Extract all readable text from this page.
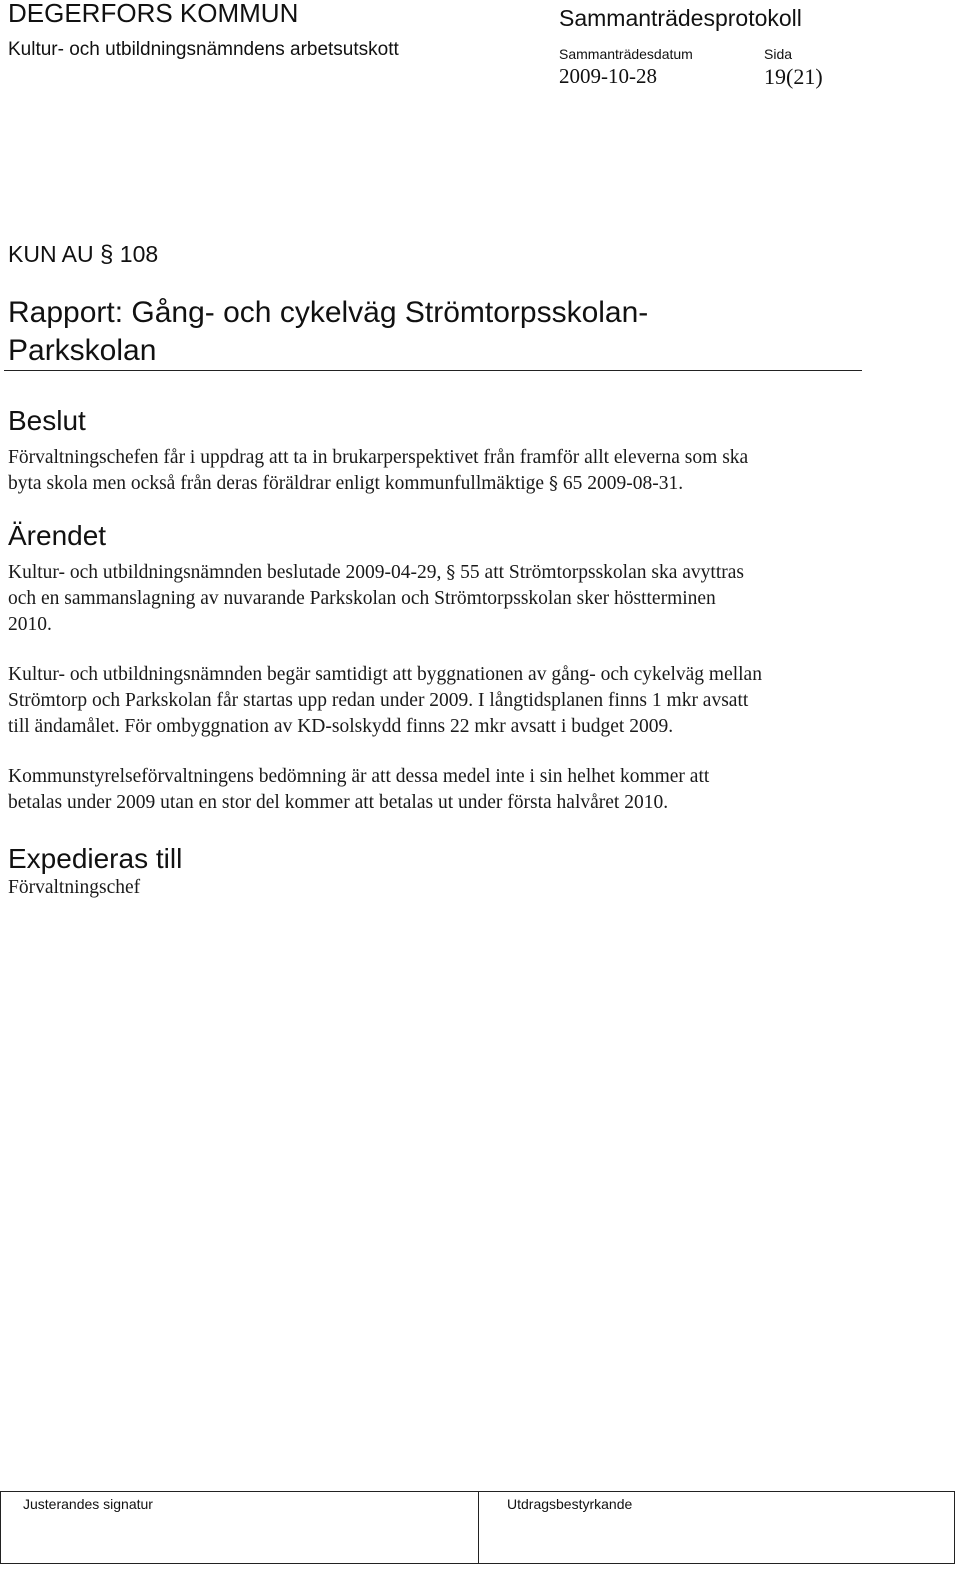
DEGERFORS KOMMUN
Kultur- och utbildningsnämndens arbetsutskott
Sammanträdesprotokoll
Sammanträdesdatum	Sida
2009-10-28	19(21)
KUN AU § 108
Rapport: Gång- och cykelväg Strömtorpsskolan-
Parkskolan
Beslut
Förvaltningschefen får i uppdrag att ta in brukarperspektivet från framför allt eleverna som ska
byta skola men också från deras föräldrar enligt kommunfullmäktige § 65 2009-08-31.
Ärendet
Kultur- och utbildningsnämnden beslutade 2009-04-29, § 55 att Strömtorpsskolan ska avyttras
och en sammanslagning av nuvarande Parkskolan och Strömtorpsskolan sker höstterminen
2010.
Kultur- och utbildningsnämnden begär samtidigt att byggnationen av gång- och cykelväg mellan
Strömtorp och Parkskolan får startas upp redan under 2009. I långtidsplanen finns 1 mkr avsatt
till ändamålet. För ombyggnation av KD-solskydd finns 22 mkr avsatt i budget 2009.
Kommunstyrelseförvaltningens bedömning är att dessa medel inte i sin helhet kommer att
betalas under 2009 utan en stor del kommer att betalas ut under första halvåret 2010.
Expedieras till
Förvaltningschef
Justerandes signatur	Utdragsbestyrkande
